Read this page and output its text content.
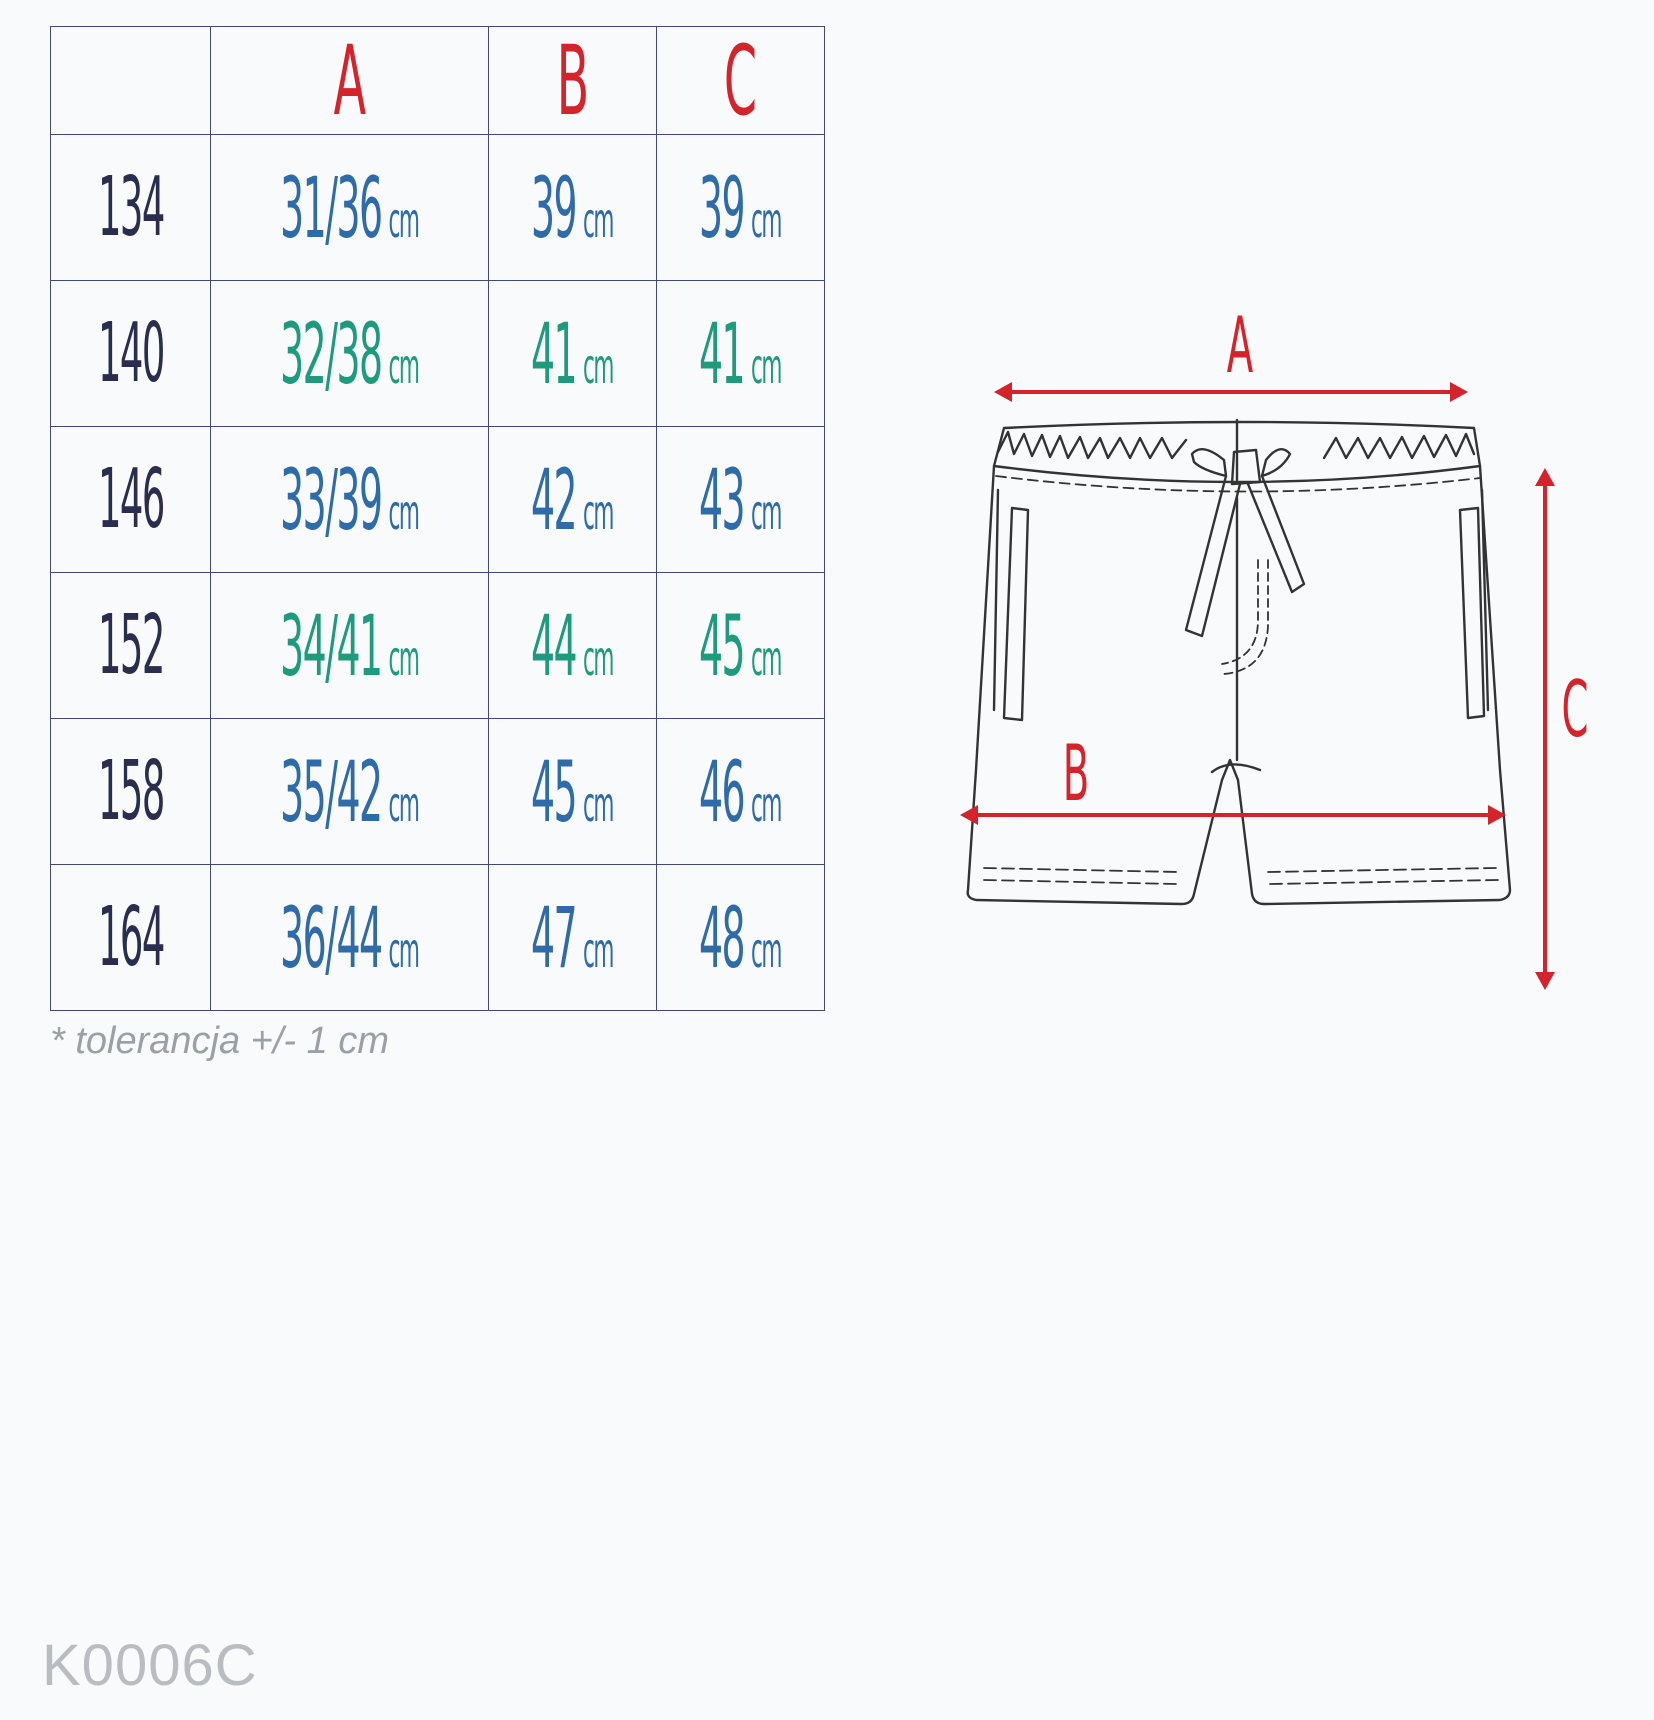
	A	B	C
134	31/36 cm	39 cm	39 cm
140	32/38 cm	41 cm	41 cm
146	33/39 cm	42 cm	43 cm
152	34/41 cm	44 cm	45 cm
158	35/42 cm	45 cm	46 cm
164	36/44 cm	47 cm	48 cm
* tolerancja +/- 1 cm
A
B
C
K0006C
